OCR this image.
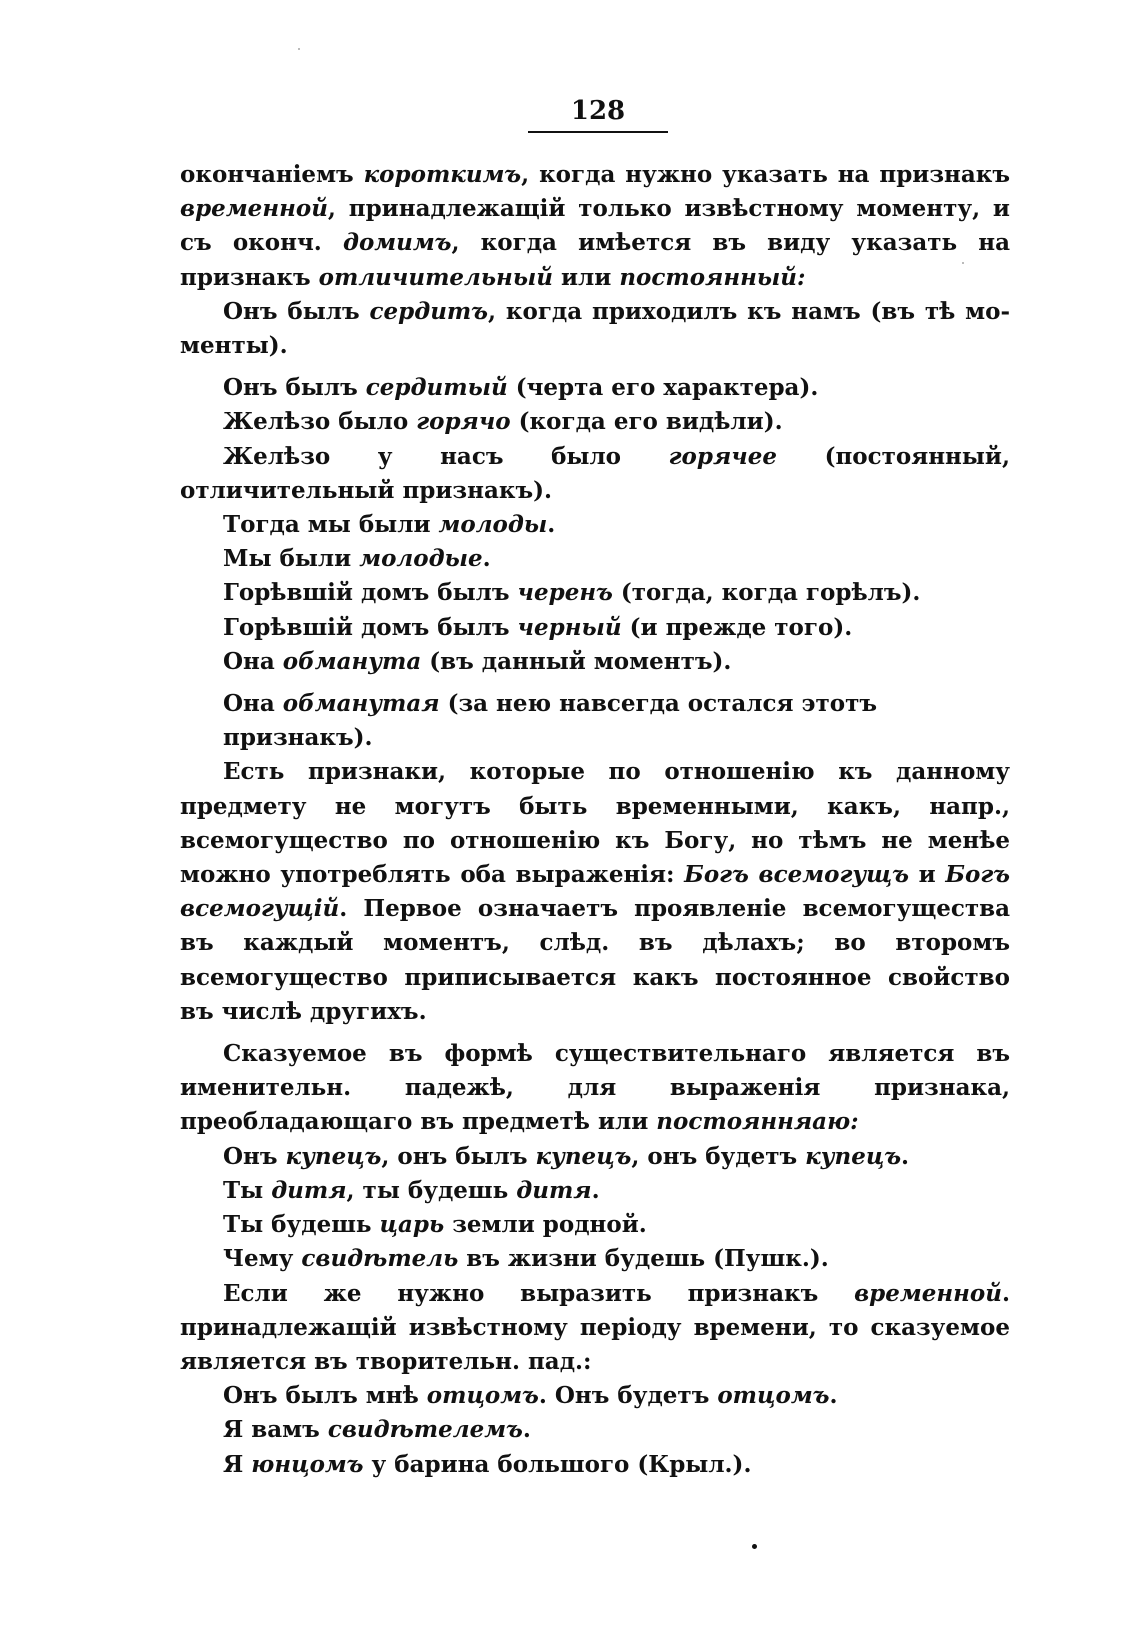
128

окончаніемъ короткимъ, когда нужно указать на признакъ временной, принадлежащій только извѣстному моменту, и съ оконч. домимъ, когда имѣется въ виду указать на признакъ отличительный или постоянный:

Онъ былъ сердитъ, когда приходилъ къ намъ (въ тѣ мо- менты).

Онъ былъ сердитый (черта его характера).

Желѣзо было горячо (когда его видѣли).

Желѣзо у насъ было горячее (постоянный, отличительный признакъ).

Тогда мы были молоды.

Мы были молодые.

Горѣвшій домъ былъ черенъ (тогда, когда горѣлъ).

Горѣвшій домъ былъ черный (и прежде того).

Она обманута (въ данный моментъ).

Она обманутая (за нею навсегда остался этотъ признакъ).

Есть признаки, которые по отношенію къ данному предмету не могутъ быть временными, какъ, напр., всемогущество по отношенію къ Богу, но тѣмъ не менѣе можно употреблять оба выраженія: Богъ всемогущъ и Богъ всемогущій. Первое означаетъ проявленіе всемогущества въ каждый моментъ, слѣд. въ дѣлахъ; во второмъ всемогущество приписывается какъ постоянное свойство въ числѣ другихъ.

Сказуемое въ формѣ существительнаго является въ именительн. падежѣ, для выраженія признака, преобладающаго въ предметѣ или постоянняаю:

Онъ купецъ, онъ былъ купецъ, онъ будетъ купецъ.

Ты дитя, ты будешь дитя.

Ты будешь царь земли родной.

Чему свидѣтель въ жизни будешь (Пушк.).

Если же нужно выразить признакъ временной. принадлежащій извѣстному періоду времени, то сказуемое является въ творительн. пад.:

Онъ былъ мнѣ отцомъ. Онъ будетъ отцомъ.

Я вамъ свидѣтелемъ.

Я юнцомъ у барина большого (Крыл.).
